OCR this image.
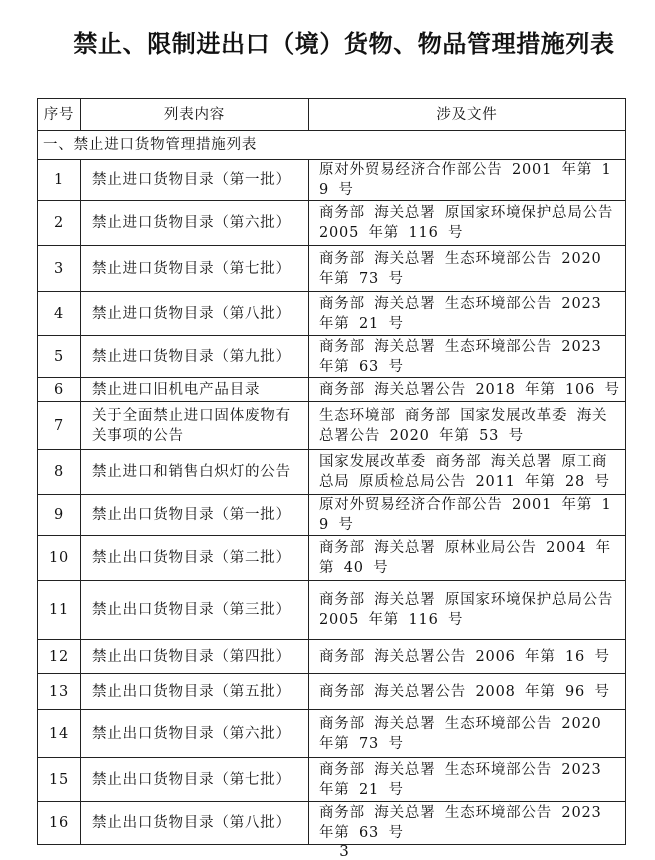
禁止、限制进出口（境）货物、物品管理措施列表
序号	列表内容	涉及文件
一、禁止进口货物管理措施列表		
1	禁止进口货物目录（第一批）	原对外贸易经济合作部公告 2001 年第 19 号
2	禁止进口货物目录（第六批）	商务部 海关总署 原国家环境保护总局公告 2005 年第 116 号
3	禁止进口货物目录（第七批）	商务部 海关总署 生态环境部公告 2020 年第 73 号
4	禁止进口货物目录（第八批）	商务部 海关总署 生态环境部公告 2023 年第 21 号
5	禁止进口货物目录（第九批）	商务部 海关总署 生态环境部公告 2023 年第 63 号
6	禁止进口旧机电产品目录	商务部 海关总署公告 2018 年第 106 号
7	关于全面禁止进口固体废物有关事项的公告	生态环境部 商务部 国家发展改革委 海关总署公告 2020 年第 53 号
8	禁止进口和销售白炽灯的公告	国家发展改革委 商务部 海关总署 原工商总局 原质检总局公告 2011 年第 28 号
9	禁止出口货物目录（第一批）	原对外贸易经济合作部公告 2001 年第 19 号
10	禁止出口货物目录（第二批）	商务部 海关总署 原林业局公告 2004 年第 40 号
11	禁止出口货物目录（第三批）	商务部 海关总署 原国家环境保护总局公告 2005 年第 116 号
12	禁止出口货物目录（第四批）	商务部 海关总署公告 2006 年第 16 号
13	禁止出口货物目录（第五批）	商务部 海关总署公告 2008 年第 96 号
14	禁止出口货物目录（第六批）	商务部 海关总署 生态环境部公告 2020 年第 73 号
15	禁止出口货物目录（第七批）	商务部 海关总署 生态环境部公告 2023 年第 21 号
16	禁止出口货物目录（第八批）	商务部 海关总署 生态环境部公告 2023 年第 63 号
3
